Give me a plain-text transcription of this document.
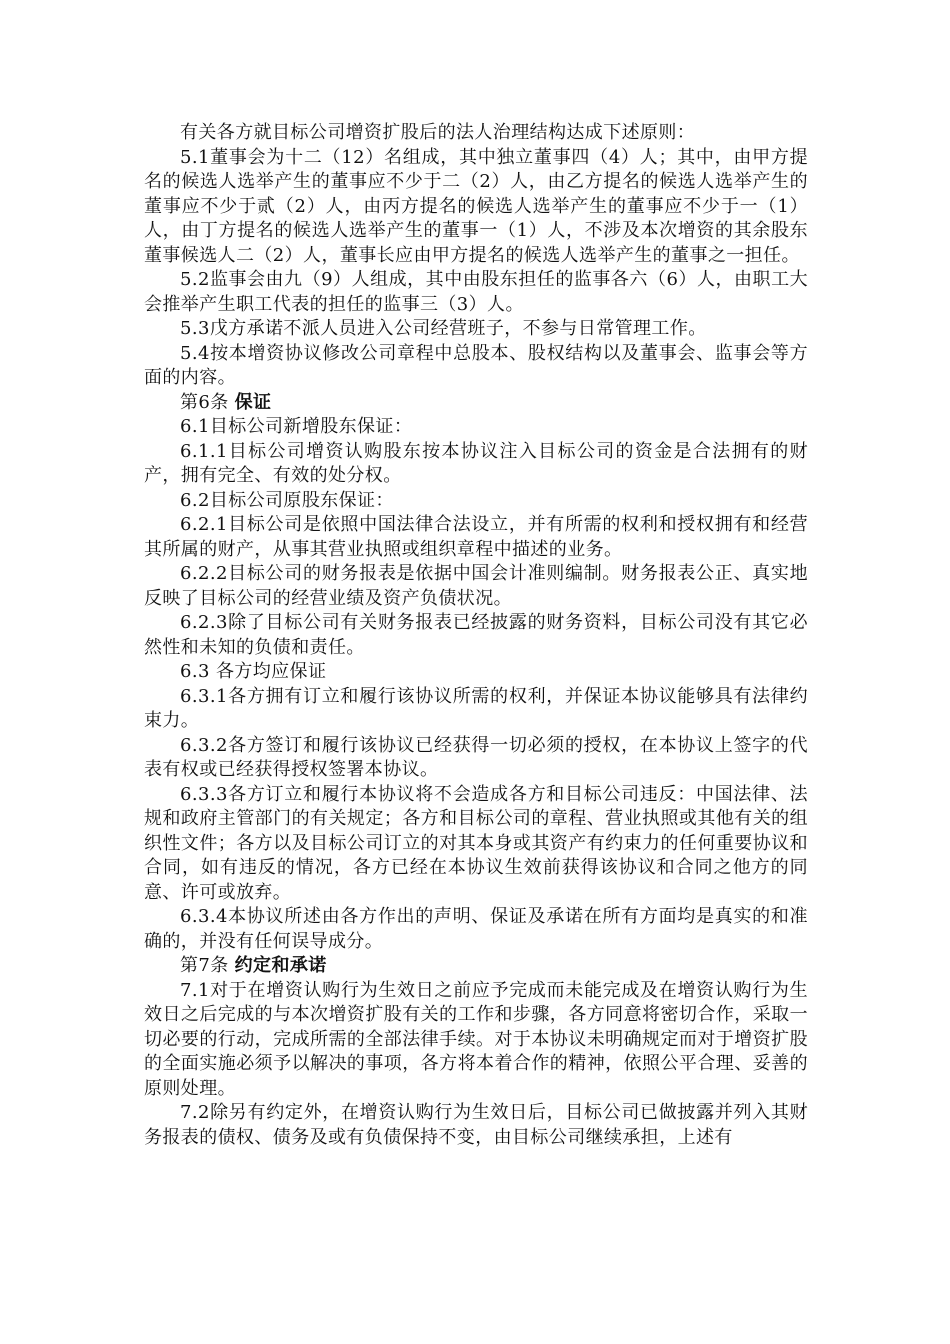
有关各方就目标公司增资扩股后的法人治理结构达成下述原则：

5.1董事会为十二（12）名组成，其中独立董事四（4）人；其中，由甲方提名的候选人选举产生的董事应不少于二（2）人，由乙方提名的候选人选举产生的董事应不少于贰（2）人，由丙方提名的候选人选举产生的董事应不少于一（1）人，由丁方提名的候选人选举产生的董事一（1）人，不涉及本次增资的其余股东董事候选人二（2）人，董事长应由甲方提名的候选人选举产生的董事之一担任。

5.2监事会由九（9）人组成，其中由股东担任的监事各六（6）人，由职工大会推举产生职工代表的担任的监事三（3）人。

5.3戊方承诺不派人员进入公司经营班子，不参与日常管理工作。

5.4按本增资协议修改公司章程中总股本、股权结构以及董事会、监事会等方面的内容。

第6条 保证

6.1目标公司新增股东保证：

6.1.1目标公司增资认购股东按本协议注入目标公司的资金是合法拥有的财产，拥有完全、有效的处分权。

6.2目标公司原股东保证：

6.2.1目标公司是依照中国法律合法设立，并有所需的权利和授权拥有和经营其所属的财产，从事其营业执照或组织章程中描述的业务。

6.2.2目标公司的财务报表是依据中国会计准则编制。财务报表公正、真实地反映了目标公司的经营业绩及资产负债状况。

6.2.3除了目标公司有关财务报表已经披露的财务资料，目标公司没有其它必然性和未知的负债和责任。

6.3 各方均应保证

6.3.1各方拥有订立和履行该协议所需的权利，并保证本协议能够具有法律约束力。

6.3.2各方签订和履行该协议已经获得一切必须的授权，在本协议上签字的代表有权或已经获得授权签署本协议。

6.3.3各方订立和履行本协议将不会造成各方和目标公司违反：中国法律、法规和政府主管部门的有关规定；各方和目标公司的章程、营业执照或其他有关的组织性文件；各方以及目标公司订立的对其本身或其资产有约束力的任何重要协议和合同，如有违反的情况，各方已经在本协议生效前获得该协议和合同之他方的同意、许可或放弃。

6.3.4本协议所述由各方作出的声明、保证及承诺在所有方面均是真实的和准确的，并没有任何误导成分。

第7条 约定和承诺

7.1对于在增资认购行为生效日之前应予完成而未能完成及在增资认购行为生效日之后完成的与本次增资扩股有关的工作和步骤，各方同意将密切合作，采取一切必要的行动，完成所需的全部法律手续。对于本协议未明确规定而对于增资扩股的全面实施必须予以解决的事项，各方将本着合作的精神，依照公平合理、妥善的原则处理。

7.2除另有约定外，在增资认购行为生效日后，目标公司已做披露并列入其财务报表的债权、债务及或有负债保持不变，由目标公司继续承担，上述有
